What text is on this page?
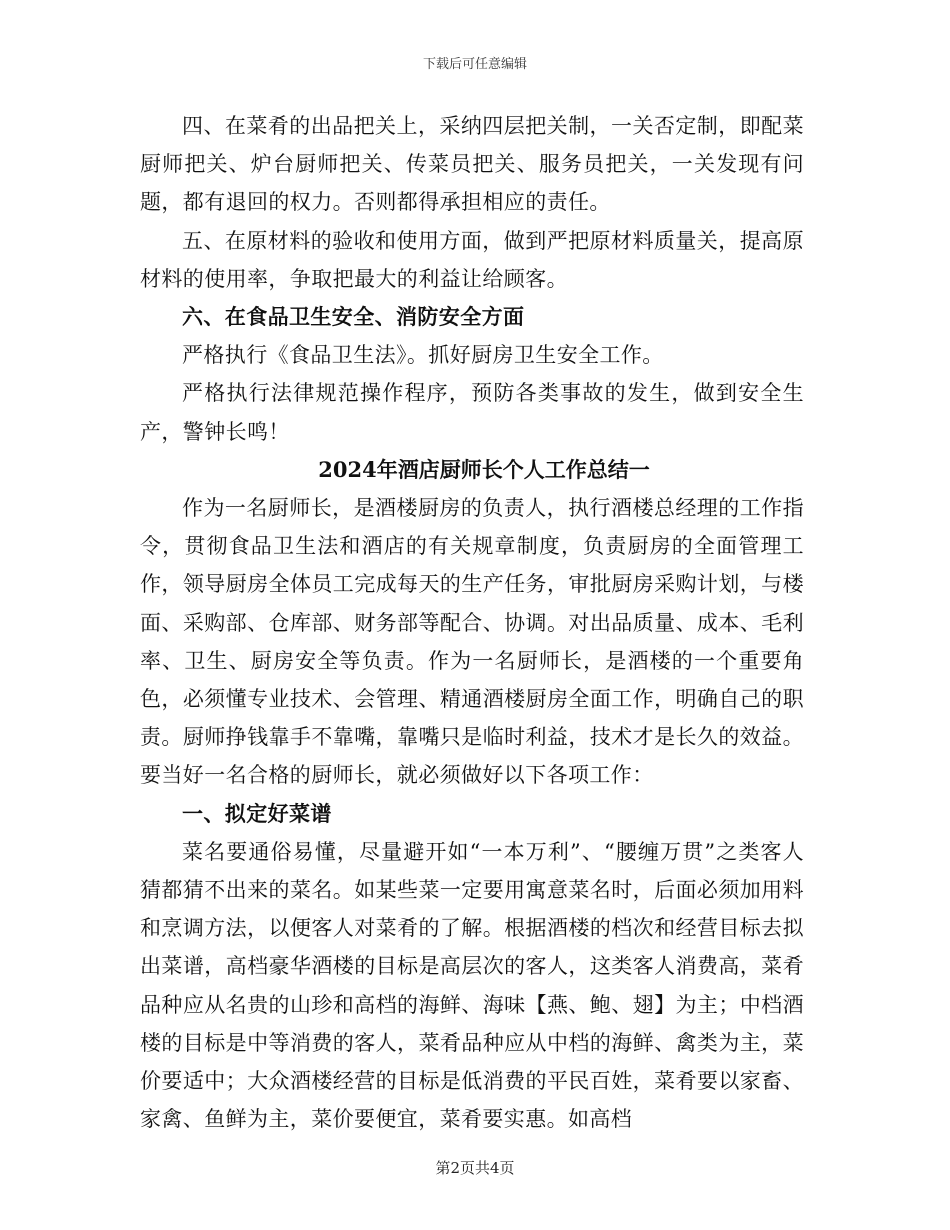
下载后可任意编辑

四、在菜肴的出品把关上，采纳四层把关制，一关否定制，即配菜厨师把关、炉台厨师把关、传菜员把关、服务员把关，一关发现有问题，都有退回的权力。否则都得承担相应的责任。

五、在原材料的验收和使用方面，做到严把原材料质量关，提高原材料的使用率，争取把最大的利益让给顾客。

六、在食品卫生安全、消防安全方面

严格执行《食品卫生法》。抓好厨房卫生安全工作。

严格执行法律规范操作程序，预防各类事故的发生，做到安全生产，警钟长鸣！

2024年酒店厨师长个人工作总结一

作为一名厨师长，是酒楼厨房的负责人，执行酒楼总经理的工作指令，贯彻食品卫生法和酒店的有关规章制度，负责厨房的全面管理工作，领导厨房全体员工完成每天的生产任务，审批厨房采购计划，与楼面、采购部、仓库部、财务部等配合、协调。对出品质量、成本、毛利率、卫生、厨房安全等负责。作为一名厨师长，是酒楼的一个重要角色，必须懂专业技术、会管理、精通酒楼厨房全面工作，明确自己的职责。厨师挣钱靠手不靠嘴，靠嘴只是临时利益，技术才是长久的效益。要当好一名合格的厨师长，就必须做好以下各项工作：

一、拟定好菜谱

菜名要通俗易懂，尽量避开如“一本万利”、“腰缠万贯”之类客人猜都猜不出来的菜名。如某些菜一定要用寓意菜名时，后面必须加用料和烹调方法，以便客人对菜肴的了解。根据酒楼的档次和经营目标去拟出菜谱，高档豪华酒楼的目标是高层次的客人，这类客人消费高，菜肴品种应从名贵的山珍和高档的海鲜、海味【燕、鲍、翅】为主；中档酒楼的目标是中等消费的客人，菜肴品种应从中档的海鲜、禽类为主，菜价要适中；大众酒楼经营的目标是低消费的平民百姓，菜肴要以家畜、家禽、鱼鲜为主，菜价要便宜，菜肴要实惠。如高档

第2页共4页
